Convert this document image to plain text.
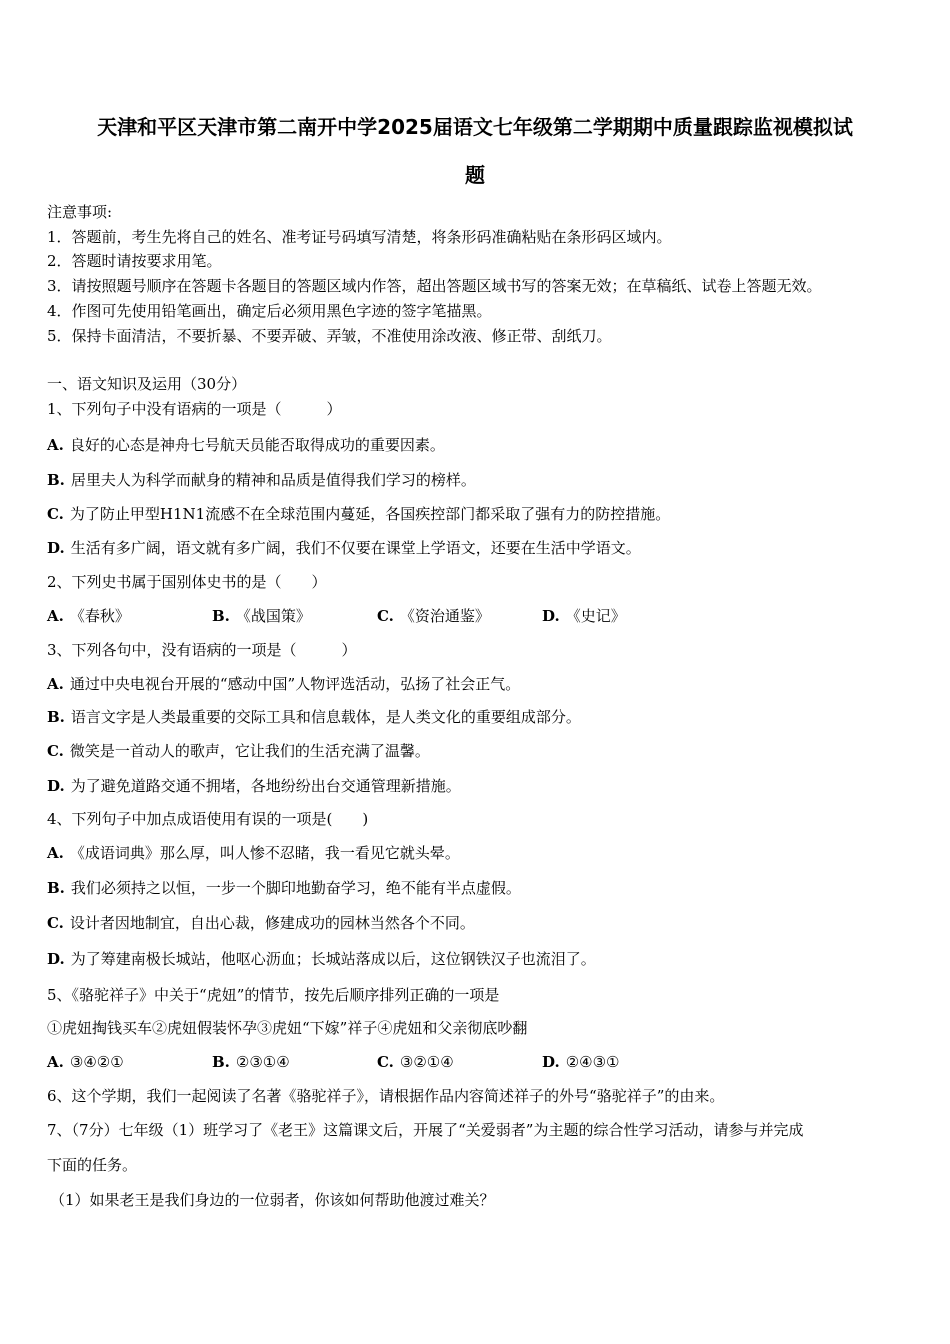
天津和平区天津市第二南开中学2025届语文七年级第二学期期中质量跟踪监视模拟试
题
注意事项:
1．答题前，考生先将自己的姓名、准考证号码填写清楚，将条形码准确粘贴在条形码区域内。
2．答题时请按要求用笔。
3．请按照题号顺序在答题卡各题目的答题区域内作答，超出答题区域书写的答案无效；在草稿纸、试卷上答题无效。
4．作图可先使用铅笔画出，确定后必须用黑色字迹的签字笔描黑。
5．保持卡面清洁，不要折暴、不要弄破、弄皱，不准使用涂改液、修正带、刮纸刀。
一、语文知识及运用（30分）
1、下列句子中没有语病的一项是（　　　）
A. 良好的心态是神舟七号航天员能否取得成功的重要因素。
B. 居里夫人为科学而献身的精神和品质是值得我们学习的榜样。
C. 为了防止甲型H1N1流感不在全球范围内蔓延，各国疾控部门都采取了强有力的防控措施。
D. 生活有多广阔，语文就有多广阔，我们不仅要在课堂上学语文，还要在生活中学语文。
2、下列史书属于国别体史书的是（　　）
A. 《春秋》	B. 《战国策》	C. 《资治通鉴》	D. 《史记》
3、下列各句中，没有语病的一项是（　　　）
A. 通过中央电视台开展的“感动中国”人物评选活动，弘扬了社会正气。
B. 语言文字是人类最重要的交际工具和信息载体，是人类文化的重要组成部分。
C. 微笑是一首动人的歌声，它让我们的生活充满了温馨。
D. 为了避免道路交通不拥堵，各地纷纷出台交通管理新措施。
4、下列句子中加点成语使用有误的一项是(　　)
A. 《成语词典》那么厚，叫人惨不忍睹，我一看见它就头晕。
B. 我们必须持之以恒，一步一个脚印地勤奋学习，绝不能有半点虚假。
C. 设计者因地制宜，自出心裁，修建成功的园林当然各个不同。
D. 为了筹建南极长城站，他呕心沥血；长城站落成以后，这位钢铁汉子也流泪了。
5、《骆驼祥子》中关于“虎妞”的情节，按先后顺序排列正确的一项是
①虎妞掏钱买车②虎妞假装怀孕③虎妞“下嫁”祥子④虎妞和父亲彻底吵翻
A. ③④②①	B. ②③①④	C. ③②①④	D. ②④③①
6、这个学期，我们一起阅读了名著《骆驼祥子》，请根据作品内容简述祥子的外号“骆驼祥子”的由来。
7、（7分）七年级（1）班学习了《老王》这篇课文后，开展了“关爱弱者”为主题的综合性学习活动，请参与并完成
下面的任务。
（1）如果老王是我们身边的一位弱者，你该如何帮助他渡过难关？
